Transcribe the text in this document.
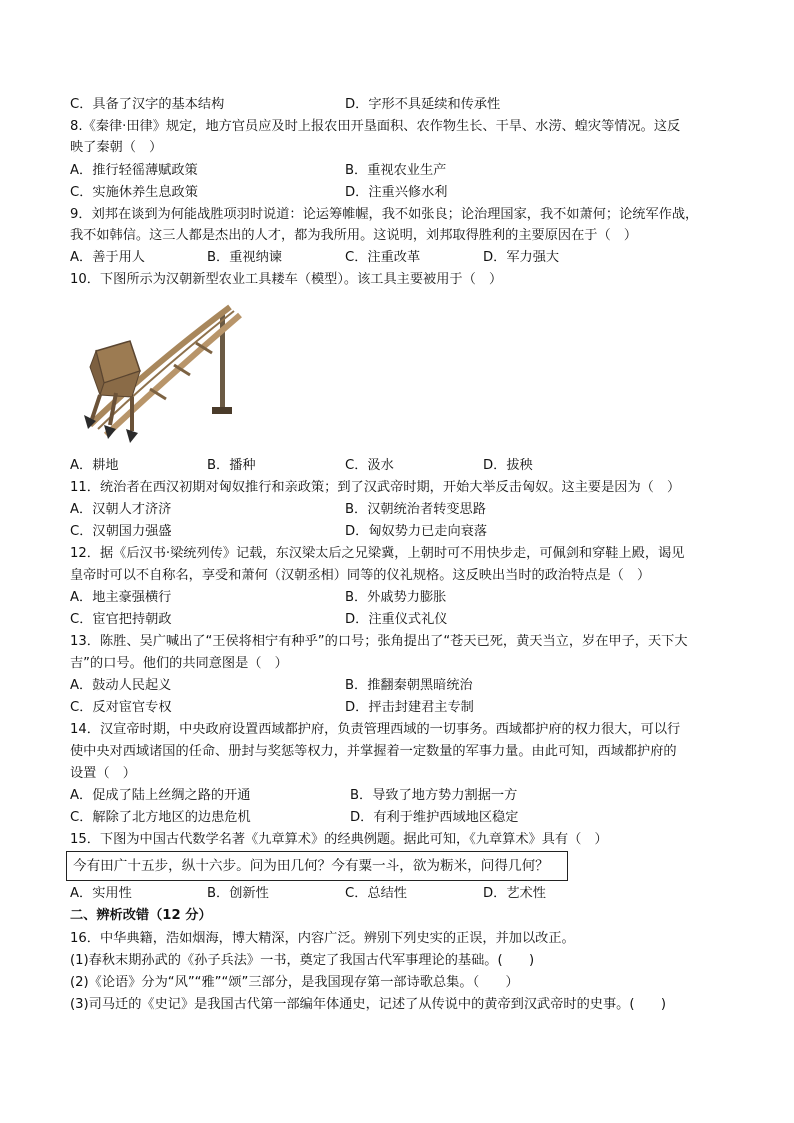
C．具备了汉字的基本结构	D．字形不具延续和传承性
8.《秦律·田律》规定，地方官员应及时上报农田开垦面积、农作物生长、干旱、水涝、蝗灾等情况。这反
映了秦朝（　）
A．推行轻徭薄赋政策	B．重视农业生产
C．实施休养生息政策	D．注重兴修水利
9．刘邦在谈到为何能战胜项羽时说道：论运筹帷幄，我不如张良；论治理国家，我不如萧何；论统军作战，
我不如韩信。这三人都是杰出的人才，都为我所用。这说明，刘邦取得胜利的主要原因在于（　）
A．善于用人	B．重视纳谏	C．注重改革	D．军力强大
10．下图所示为汉朝新型农业工具耧车（模型）。该工具主要被用于（　）
A．耕地	B．播种	C．汲水	D．拔秧
11．统治者在西汉初期对匈奴推行和亲政策；到了汉武帝时期，开始大举反击匈奴。这主要是因为（　）
A．汉朝人才济济	B．汉朝统治者转变思路
C．汉朝国力强盛	D．匈奴势力已走向衰落
12．据《后汉书·梁统列传》记载，东汉梁太后之兄梁冀，上朝时可不用快步走，可佩剑和穿鞋上殿，谒见
皇帝时可以不自称名，享受和萧何（汉朝丞相）同等的仪礼规格。这反映出当时的政治特点是（　）
A．地主豪强横行	B．外戚势力膨胀
C．宦官把持朝政	D．注重仪式礼仪
13．陈胜、吴广喊出了“王侯将相宁有种乎”的口号；张角提出了“苍天已死，黄天当立，岁在甲子，天下大
吉”的口号。他们的共同意图是（　）
A．鼓动人民起义	B．推翻秦朝黑暗统治
C．反对宦官专权	D．抨击封建君主专制
14．汉宣帝时期，中央政府设置西域都护府，负责管理西域的一切事务。西域都护府的权力很大，可以行
使中央对西域诸国的任命、册封与奖惩等权力，并掌握着一定数量的军事力量。由此可知，西域都护府的
设置（　）
A．促成了陆上丝绸之路的开通	B．导致了地方势力割据一方
C．解除了北方地区的边患危机	D．有利于维护西域地区稳定
15．下图为中国古代数学名著《九章算术》的经典例题。据此可知，《九章算术》具有（　）
今有田广十五步，纵十六步。问为田几何？今有粟一斗，欲为粝米，问得几何？
A．实用性	B．创新性	C．总结性	D．艺术性
二、辨析改错（12 分）
16．中华典籍，浩如烟海，博大精深，内容广泛。辨别下列史实的正误，并加以改正。
(1)春秋末期孙武的《孙子兵法》一书，奠定了我国古代军事理论的基础。(　　)
(2)《论语》分为“风”“雅”“颂”三部分，是我国现存第一部诗歌总集。（　　）
(3)司马迁的《史记》是我国古代第一部编年体通史，记述了从传说中的黄帝到汉武帝时的史事。(　　)
